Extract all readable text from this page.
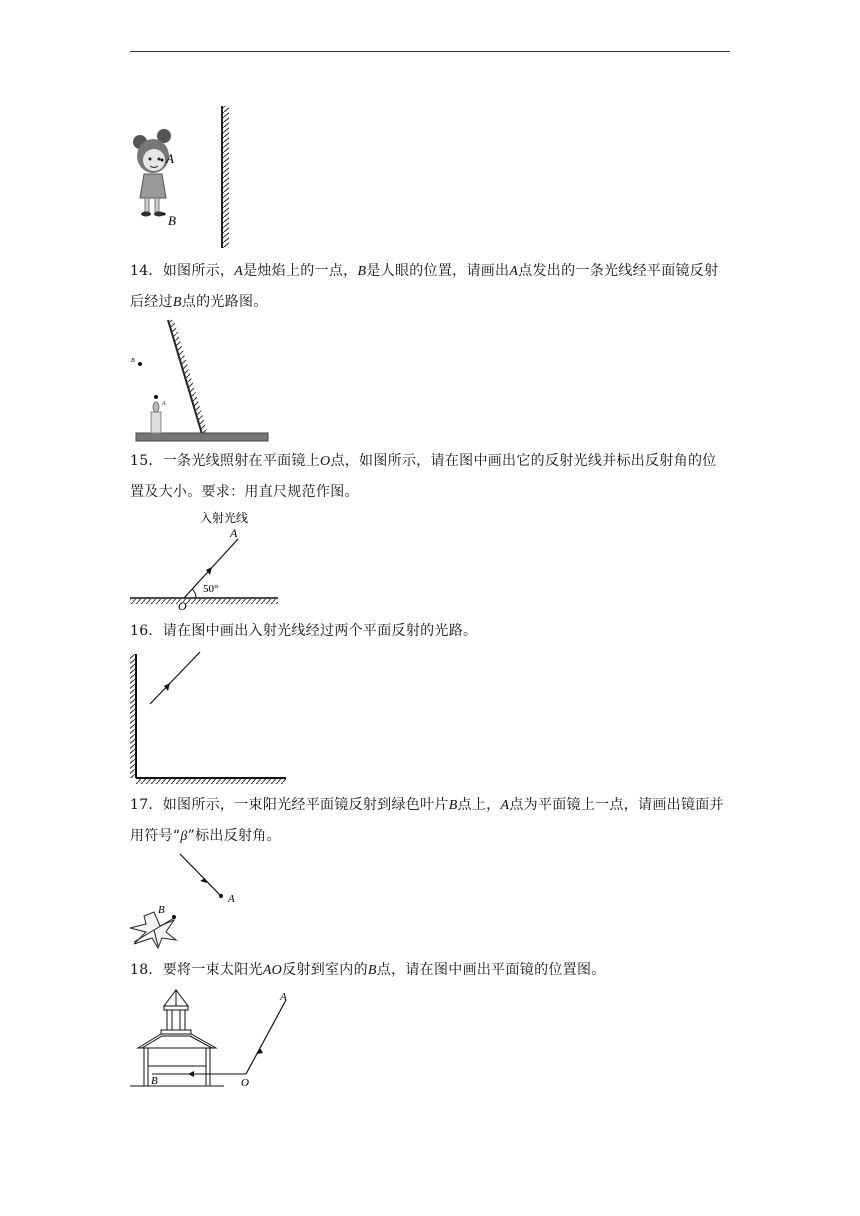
A
B
14．如图所示，A是烛焰上的一点，B是人眼的位置，请画出A点发出的一条光线经平面镜反射后经过B点的光路图。
A
B
15．一条光线照射在平面镜上O点，如图所示，请在图中画出它的反射光线并标出反射角的位置及大小。要求：用直尺规范作图。
入射光线
A
50°
O
16．请在图中画出入射光线经过两个平面反射的光路。
17．如图所示，一束阳光经平面镜反射到绿色叶片B点上，A点为平面镜上一点，请画出镜面并用符号“β”标出反射角。
A
B
18．要将一束太阳光AO反射到室内的B点，请在图中画出平面镜的位置图。
A
O
B
